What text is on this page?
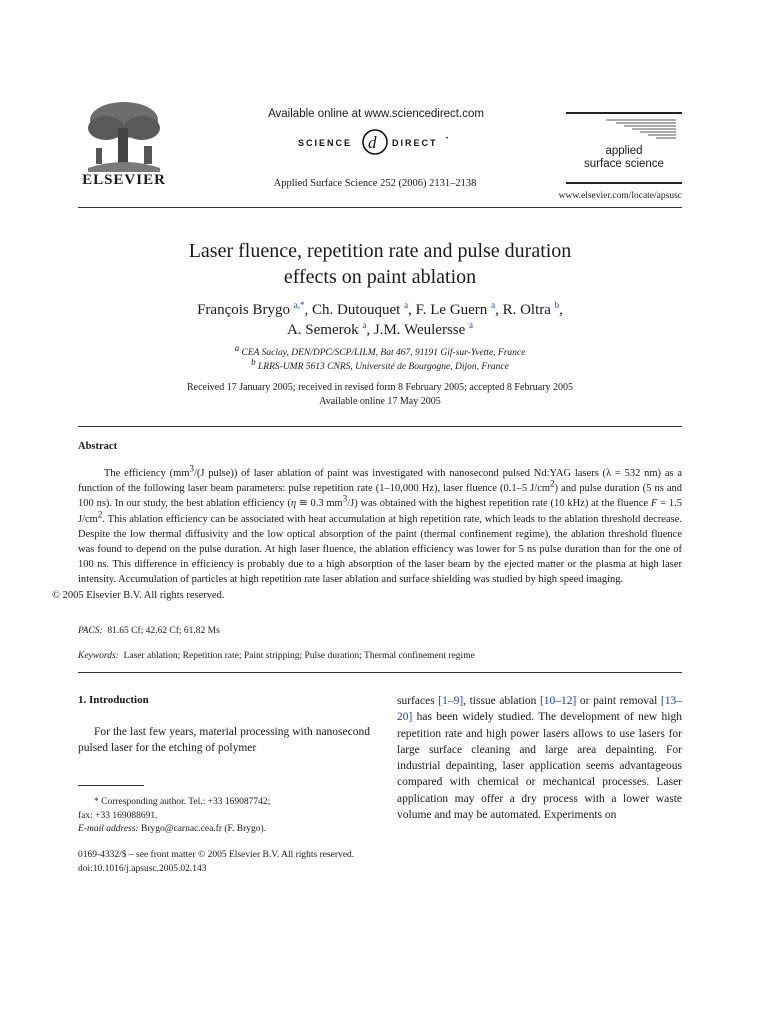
ELSEVIER
Available online at www.sciencedirect.com
SCIENCE d DIRECT •
Applied Surface Science 252 (2006) 2131–2138
applied
surface science
www.elsevier.com/locate/apsusc
Laser fluence, repetition rate and pulse duration
effects on paint ablation
François Brygo $^{a,*}$, Ch. Dutouquet $^a$, F. Le Guern $^a$, R. Oltra $^b$,
A. Semerok $^a$, J.M. Weulersse $^a$
$^a$ CEA Saclay, DEN/DPC/SCP/LILM, Bat 467, 91191 Gif-sur-Yvette, France
$^b$ LRRS-UMR 5613 CNRS, Université de Bourgogne, Dijon, France
Received 17 January 2005; received in revised form 8 February 2005; accepted 8 February 2005
Available online 17 May 2005
Abstract
The efficiency ($mm^3/(J$ pulse)) of laser ablation of paint was investigated with nanosecond pulsed Nd:YAG lasers (λ = 532 nm) as a function of the following laser beam parameters: pulse repetition rate (1–10,000 Hz), laser fluence (0.1–5 $J/cm^2$) and pulse duration (5 ns and 100 ns). In our study, the best ablation efficiency (η ≅ 0.3 $mm^3/J$) was obtained with the highest repetition rate (10 kHz) at the fluence F = 1.5 $J/cm^2$. This ablation efficiency can be associated with heat accumulation at high repetition rate, which leads to the ablation threshold decrease. Despite the low thermal diffusivity and the low optical absorption of the paint (thermal confinement regime), the ablation threshold fluence was found to depend on the pulse duration. At high laser fluence, the ablation efficiency was lower for 5 ns pulse duration than for the one of 100 ns. This difference in efficiency is probably due to a high absorption of the laser beam by the ejected matter or the plasma at high laser intensity. Accumulation of particles at high repetition rate laser ablation and surface shielding was studied by high speed imaging.
© 2005 Elsevier B.V. All rights reserved.
PACS: 81.65 Cf; 42.62 Cf; 61.82 Ms
Keywords: Laser ablation; Repetition rate; Paint stripping; Pulse duration; Thermal confinement regime
1. Introduction
For the last few years, material processing with nanosecond pulsed laser for the etching of polymer
surfaces [1–9], tissue ablation [10–12] or paint removal [13–20] has been widely studied. The development of new high repetition rate and high power lasers allows to use lasers for large surface cleaning and large area depainting. For industrial depainting, laser application seems advantageous compared with chemical or mechanical processes. Laser application may offer a dry process with a lower waste volume and may be automated. Experiments on
* Corresponding author. Tel.: +33 169087742;
fax: +33 169088691.
E-mail address: Brygo@carnac.cea.fr (F. Brygo).
0169-4332/$ – see front matter © 2005 Elsevier B.V. All rights reserved.
doi:10.1016/j.apsusc.2005.02.143
